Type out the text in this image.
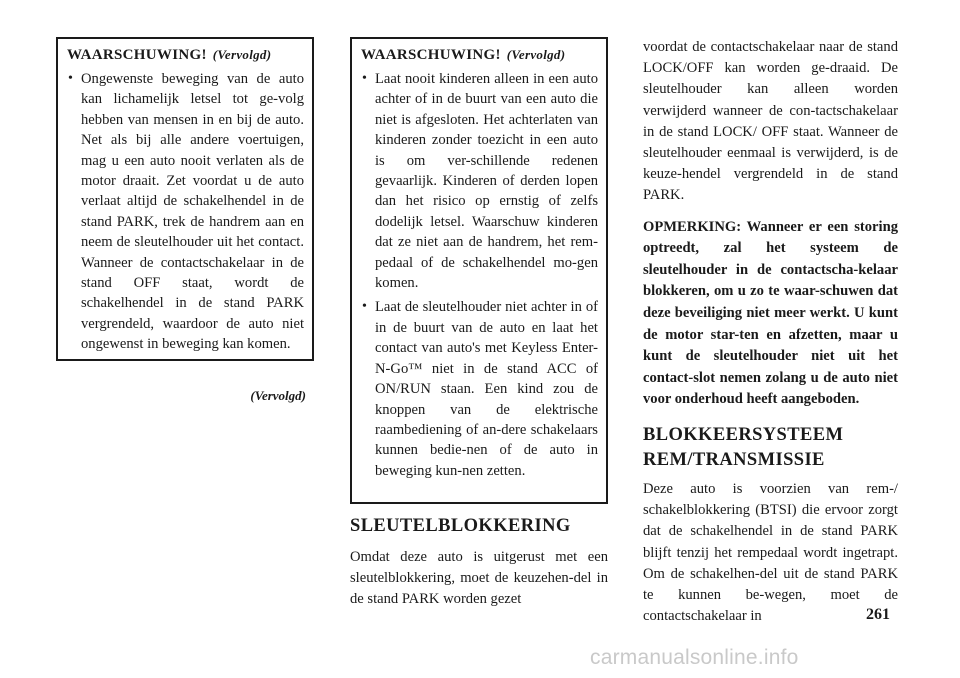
WAARSCHUWING! (Vervolgd)
• Ongewenste beweging van de auto kan lichamelijk letsel tot ge-volg hebben van mensen in en bij de auto. Net als bij alle andere voertuigen, mag u een auto nooit verlaten als de motor draait. Zet voordat u de auto verlaat altijd de schakelhendel in de stand PARK, trek de handrem aan en neem de sleutelhouder uit het contact. Wanneer de contactschakelaar in de stand OFF staat, wordt de schakelhendel in de stand PARK vergrendeld, waardoor de auto niet ongewenst in beweging kan komen.
(Vervolgd)
WAARSCHUWING! (Vervolgd)
• Laat nooit kinderen alleen in een auto achter of in de buurt van een auto die niet is afgesloten. Het achterlaten van kinderen zonder toezicht in een auto is om ver-schillende redenen gevaarlijk. Kinderen of derden lopen dan het risico op ernstig of zelfs dodelijk letsel. Waarschuw kinderen dat ze niet aan de handrem, het rem-pedaal of de schakelhendel mo-gen komen.
• Laat de sleutelhouder niet achter in of in de buurt van de auto en laat het contact van auto's met Keyless Enter-N-Go™ niet in de stand ACC of ON/RUN staan. Een kind zou de knoppen van de elektrische raambediening of an-dere schakelaars kunnen bedie-nen of de auto in beweging kun-nen zetten.
SLEUTELBLOKKERING

Omdat deze auto is uitgerust met een sleutelblokkering, moet de keuzehen-del in de stand PARK worden gezet

voordat de contactschakelaar naar de stand LOCK/OFF kan worden ge-draaid. De sleutelhouder kan alleen worden verwijderd wanneer de con-tactschakelaar in de stand LOCK/ OFF staat. Wanneer de sleutelhouder eenmaal is verwijderd, is de keuze-hendel vergrendeld in de stand PARK.

OPMERKING: Wanneer er een storing optreedt, zal het systeem de sleutelhouder in de contactscha-kelaar blokkeren, om u zo te waar-schuwen dat deze beveiliging niet meer werkt. U kunt de motor star-ten en afzetten, maar u kunt de sleutelhouder niet uit het contact-slot nemen zolang u de auto niet voor onderhoud heeft aangeboden.

BLOKKEERSYSTEEM
REM/TRANSMISSIE

Deze auto is voorzien van rem-/ schakelblokkering (BTSI) die ervoor zorgt dat de schakelhendel in de stand PARK blijft tenzij het rempedaal wordt ingetrapt. Om de schakelhen-del uit de stand PARK te kunnen be-wegen, moet de contactschakelaar in	261
carmanualsonline.info
